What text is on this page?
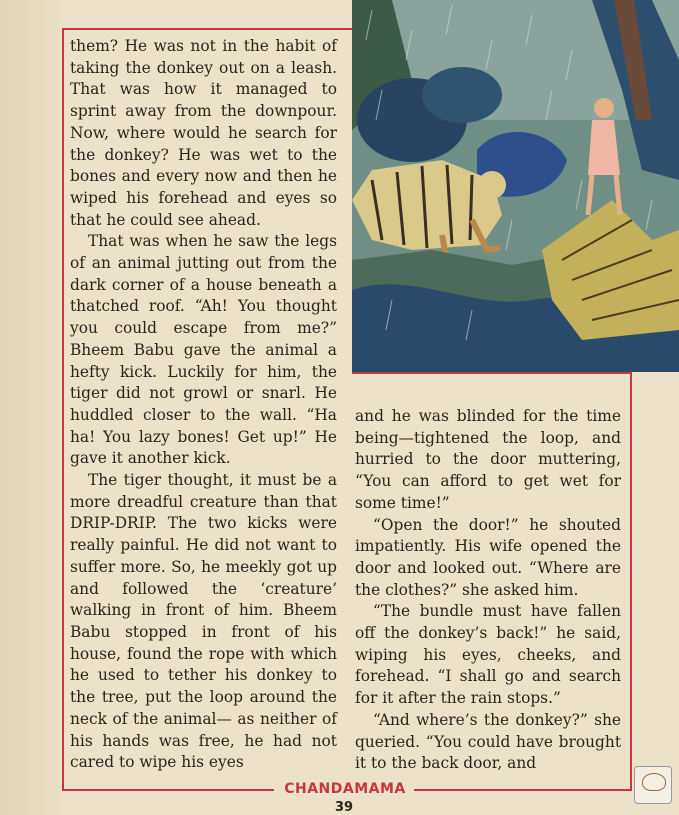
them? He was not in the habit of taking the donkey out on a leash. That was how it managed to sprint away from the downpour. Now, where would he search for the donkey? He was wet to the bones and every now and then he wiped his forehead and eyes so that he could see ahead.

That was when he saw the legs of an animal jutting out from the dark corner of a house beneath a thatched roof. “Ah! You thought you could escape from me?” Bheem Babu gave the animal a hefty kick. Luckily for him, the tiger did not growl or snarl. He huddled closer to the wall. “Ha ha! You lazy bones! Get up!” He gave it another kick.

The tiger thought, it must be a more dreadful creature than that DRIP-DRIP. The two kicks were really painful. He did not want to suffer more. So, he meekly got up and followed the ‘creature’ walking in front of him. Bheem Babu stopped in front of his house, found the rope with which he used to tether his donkey to the tree, put the loop around the neck of the animal— as neither of his hands was free, he had not cared to wipe his eyes

and he was blinded for the time being—tightened the loop, and hurried to the door muttering, “You can afford to get wet for some time!”

“Open the door!” he shouted impatiently. His wife opened the door and looked out. “Where are the clothes?” she asked him.

“The bundle must have fallen off the donkey’s back!” he said, wiping his eyes, cheeks, and forehead. “I shall go and search for it after the rain stops.”

“And where’s the donkey?” she queried. “You could have brought it to the back door, and

CHANDAMAMA
39
